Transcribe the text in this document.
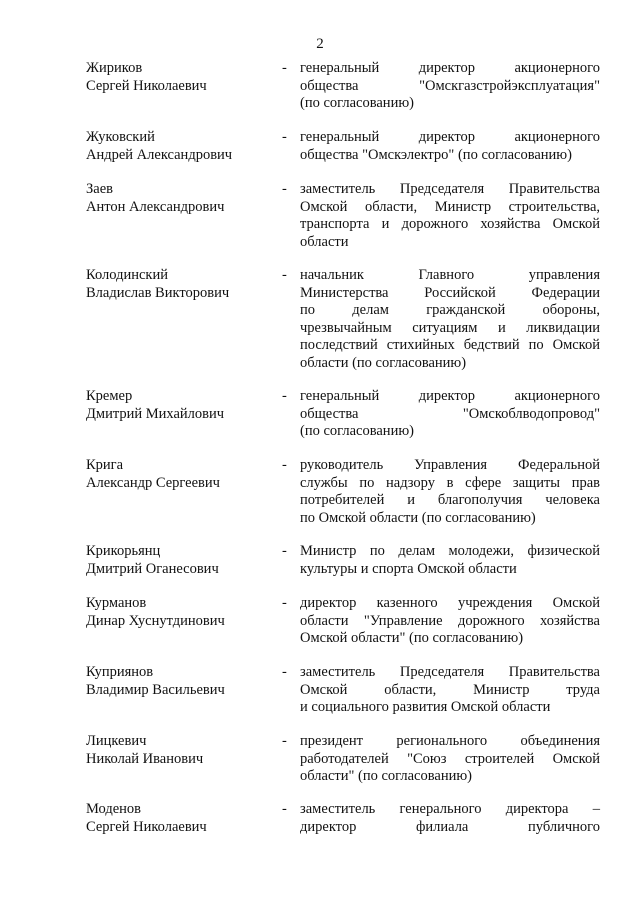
2
Жириков
Сергей Николаевич
- генеральный директор акционерного
общества "Омскгазстройэксплуатация"
(по согласованию)
Жуковский
Андрей Александрович
- генеральный директор акционерного
общества "Омскэлектро" (по согласованию)
Заев
Антон Александрович
- заместитель Председателя Правительства
Омской области, Министр строительства,
транспорта и дорожного хозяйства Омской
области
Колодинский
Владислав Викторович
- начальник Главного управления
Министерства Российской Федерации
по делам гражданской обороны,
чрезвычайным ситуациям и ликвидации
последствий стихийных бедствий по Омской
области (по согласованию)
Кремер
Дмитрий Михайлович
- генеральный директор акционерного
общества "Омскоблводопровод"
(по согласованию)
Крига
Александр Сергеевич
- руководитель Управления Федеральной
службы по надзору в сфере защиты прав
потребителей и благополучия человека
по Омской области (по согласованию)
Крикорьянц
Дмитрий Оганесович
- Министр по делам молодежи, физической
культуры и спорта Омской области
Курманов
Динар Хуснутдинович
- директор казенного учреждения Омской
области "Управление дорожного хозяйства
Омской области" (по согласованию)
Куприянов
Владимир Васильевич
- заместитель Председателя Правительства
Омской области, Министр труда
и социального развития Омской области
Лицкевич
Николай Иванович
- президент регионального объединения
работодателей "Союз строителей Омской
области" (по согласованию)
Моденов
Сергей Николаевич
- заместитель генерального директора –
директор филиала публичного
